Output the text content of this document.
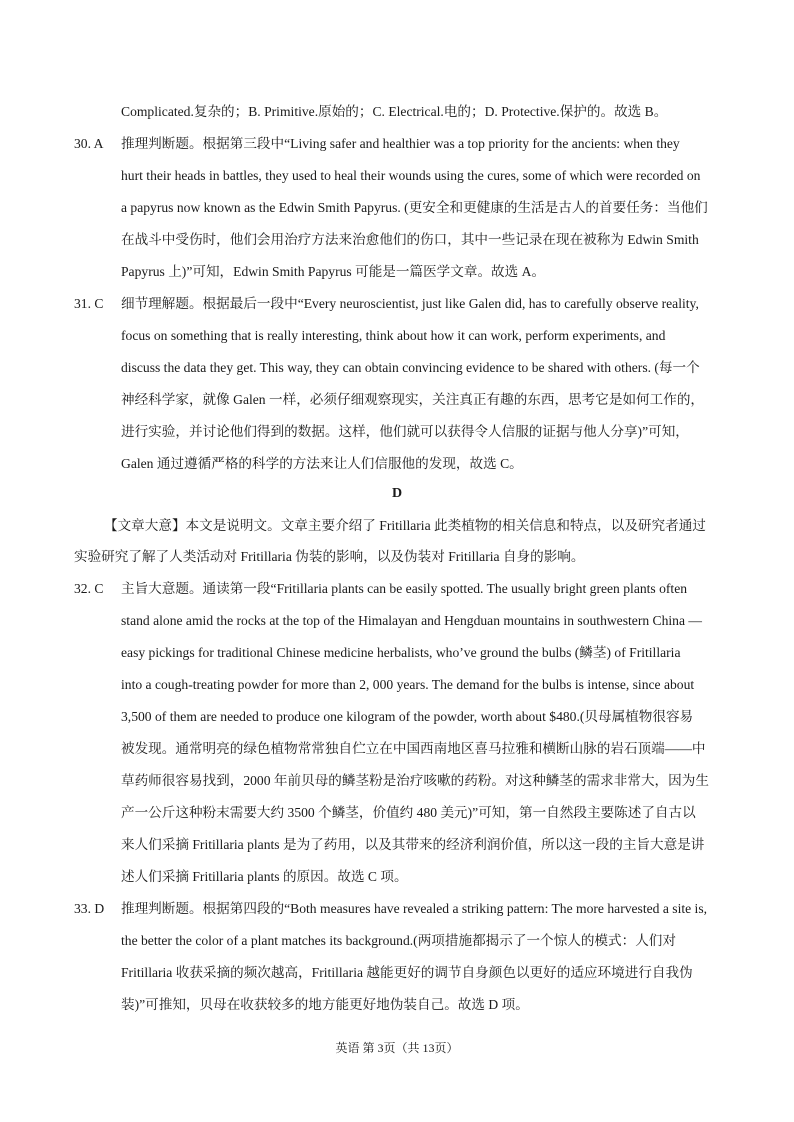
Complicated.复杂的；B. Primitive.原始的；C. Electrical.电的；D. Protective.保护的。故选 B。
30. A 推理判断题。根据第三段中“Living safer and healthier was a top priority for the ancients: when they
hurt their heads in battles, they used to heal their wounds using the cures, some of which were recorded on
a papyrus now known as the Edwin Smith Papyrus. (更安全和更健康的生活是古人的首要任务：当他们
在战斗中受伤时，他们会用治疗方法来治愈他们的伤口，其中一些记录在现在被称为 Edwin Smith
Papyrus 上)”可知，Edwin Smith Papyrus 可能是一篇医学文章。故选 A。
31. C 细节理解题。根据最后一段中“Every neuroscientist, just like Galen did, has to carefully observe reality,
focus on something that is really interesting, think about how it can work, perform experiments, and
discuss the data they get. This way, they can obtain convincing evidence to be shared with others. (每一个
神经科学家，就像 Galen 一样，必须仔细观察现实，关注真正有趣的东西，思考它是如何工作的，
进行实验，并讨论他们得到的数据。这样，他们就可以获得令人信服的证据与他人分享)”可知，
Galen 通过遵循严格的科学的方法来让人们信服他的发现，故选 C。
D
【文章大意】本文是说明文。文章主要介绍了 Fritillaria 此类植物的相关信息和特点，以及研究者通过
实验研究了解了人类活动对 Fritillaria 伪装的影响，以及伪装对 Fritillaria 自身的影响。
32. C 主旨大意题。通读第一段“Fritillaria plants can be easily spotted. The usually bright green plants often
stand alone amid the rocks at the top of the Himalayan and Hengduan mountains in southwestern China —
easy pickings for traditional Chinese medicine herbalists, who’ve ground the bulbs (鳞茎) of Fritillaria
into a cough-treating powder for more than 2, 000 years. The demand for the bulbs is intense, since about
3,500 of them are needed to produce one kilogram of the powder, worth about $480.(贝母属植物很容易
被发现。通常明亮的绿色植物常常独自伫立在中国西南地区喜马拉雅和横断山脉的岩石顶端——中
草药师很容易找到，2000 年前贝母的鳞茎粉是治疗咳嗽的药粉。对这种鳞茎的需求非常大，因为生
产一公斤这种粉末需要大约 3500 个鳞茎，价值约 480 美元)”可知，第一自然段主要陈述了自古以
来人们采摘 Fritillaria plants 是为了药用，以及其带来的经济利润价值，所以这一段的主旨大意是讲
述人们采摘 Fritillaria plants 的原因。故选 C 项。
33. D 推理判断题。根据第四段的“Both measures have revealed a striking pattern: The more harvested a site is,
the better the color of a plant matches its background.(两项措施都揭示了一个惊人的模式：人们对
Fritillaria 收获采摘的频次越高，Fritillaria 越能更好的调节自身颜色以更好的适应环境进行自我伪
装)”可推知，贝母在收获较多的地方能更好地伪装自己。故选 D 项。
英语 第 3页（共 13页）
